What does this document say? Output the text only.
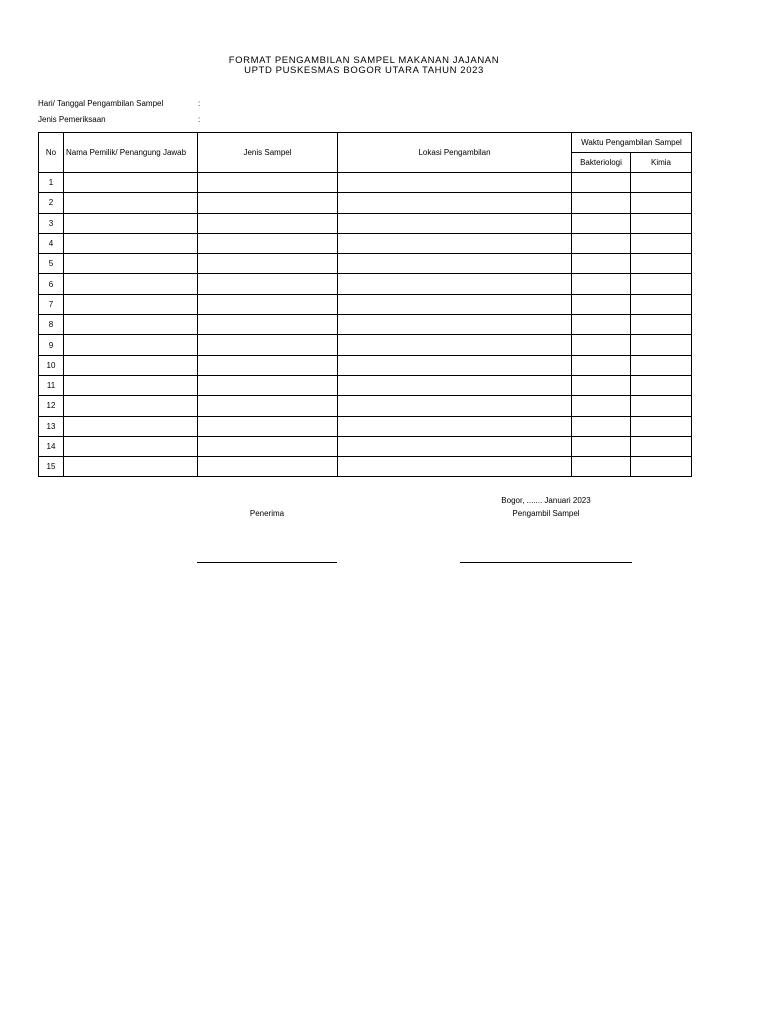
FORMAT PENGAMBILAN SAMPEL MAKANAN JAJANAN
UPTD PUSKESMAS BOGOR UTARA TAHUN 2023
Hari/ Tanggal Pengambilan Sampel	:
Jenis Pemeriksaan	:
No	Nama Pemilik/ Penangung Jawab	Jenis Sampel	Lokasi Pengambilan	Waktu Pengambilan Sampel	
				Bakteriologi	Kimia
1					
2					
3					
4					
5					
6					
7					
8					
9					
10					
11					
12					
13					
14					
15					
Bogor, ....... Januari 2023
Penerima	Pengambil Sampel
